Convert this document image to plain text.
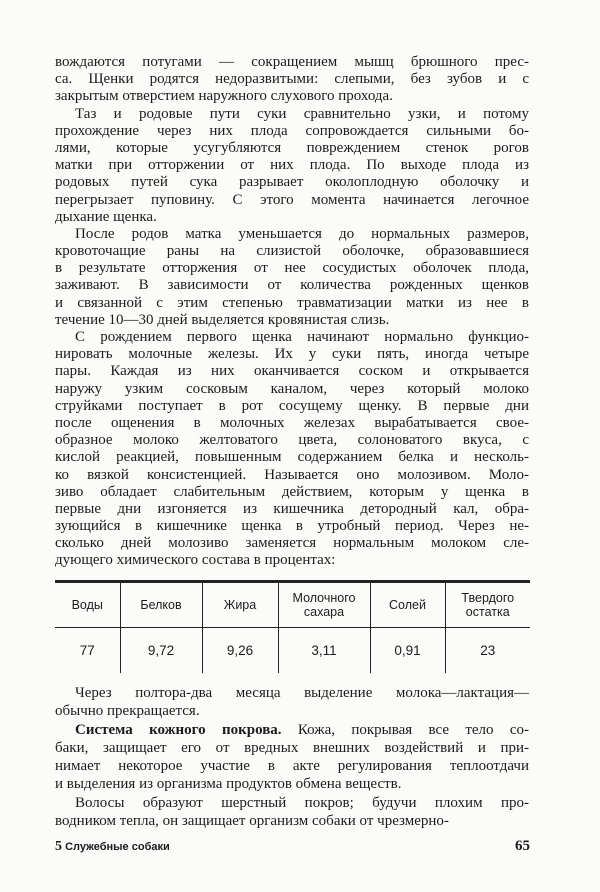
вождаются потугами — сокращением мышц брюшного прес-
са. Щенки родятся недоразвитыми: слепыми, без зубов и с
закрытым отверстием наружного слухового прохода.
Таз и родовые пути суки сравнительно узки, и потому
прохождение через них плода сопровождается сильными бо-
лями, которые усугубляются повреждением стенок рогов
матки при отторжении от них плода. По выходе плода из
родовых путей сука разрывает околоплодную оболочку и
перегрызает пуповину. С этого момента начинается легочное
дыхание щенка.
После родов матка уменьшается до нормальных размеров,
кровоточащие раны на слизистой оболочке, образовавшиеся
в результате отторжения от нее сосудистых оболочек плода,
заживают. В зависимости от количества рожденных щенков
и связанной с этим степенью травматизации матки из нее в
течение 10—30 дней выделяется кровянистая слизь.
С рождением первого щенка начинают нормально функцио-
нировать молочные железы. Их у суки пять, иногда четыре
пары. Каждая из них оканчивается соском и открывается
наружу узким сосковым каналом, через который молоко
струйками поступает в рот сосущему щенку. В первые дни
после ощенения в молочных железах вырабатывается свое-
образное молоко желтоватого цвета, солоноватого вкуса, с
кислой реакцией, повышенным содержанием белка и несколь-
ко вязкой консистенцией. Называется оно молозивом. Моло-
зиво обладает слабительным действием, которым у щенка в
первые дни изгоняется из кишечника детородный кал, обра-
зующийся в кишечнике щенка в утробный период. Через не-
сколько дней молозиво заменяется нормальным молоком сле-
дующего химического состава в процентах:
Воды	Белков	Жира	Молочного сахара	Солей	Твердого остатка
77	9,72	9,26	3,11	0,91	23
Через полтора-два месяца выделение молока—лактация—
обычно прекращается.
Система кожного покрова. Кожа, покрывая все тело со-
баки, защищает его от вредных внешних воздействий и при-
нимает некоторое участие в акте регулирования теплоотдачи
и выделения из организма продуктов обмена веществ.
Волосы образуют шерстный покров; будучи плохим про-
водником тепла, он защищает организм собаки от чрезмерно-
5 Служебные собаки	65
